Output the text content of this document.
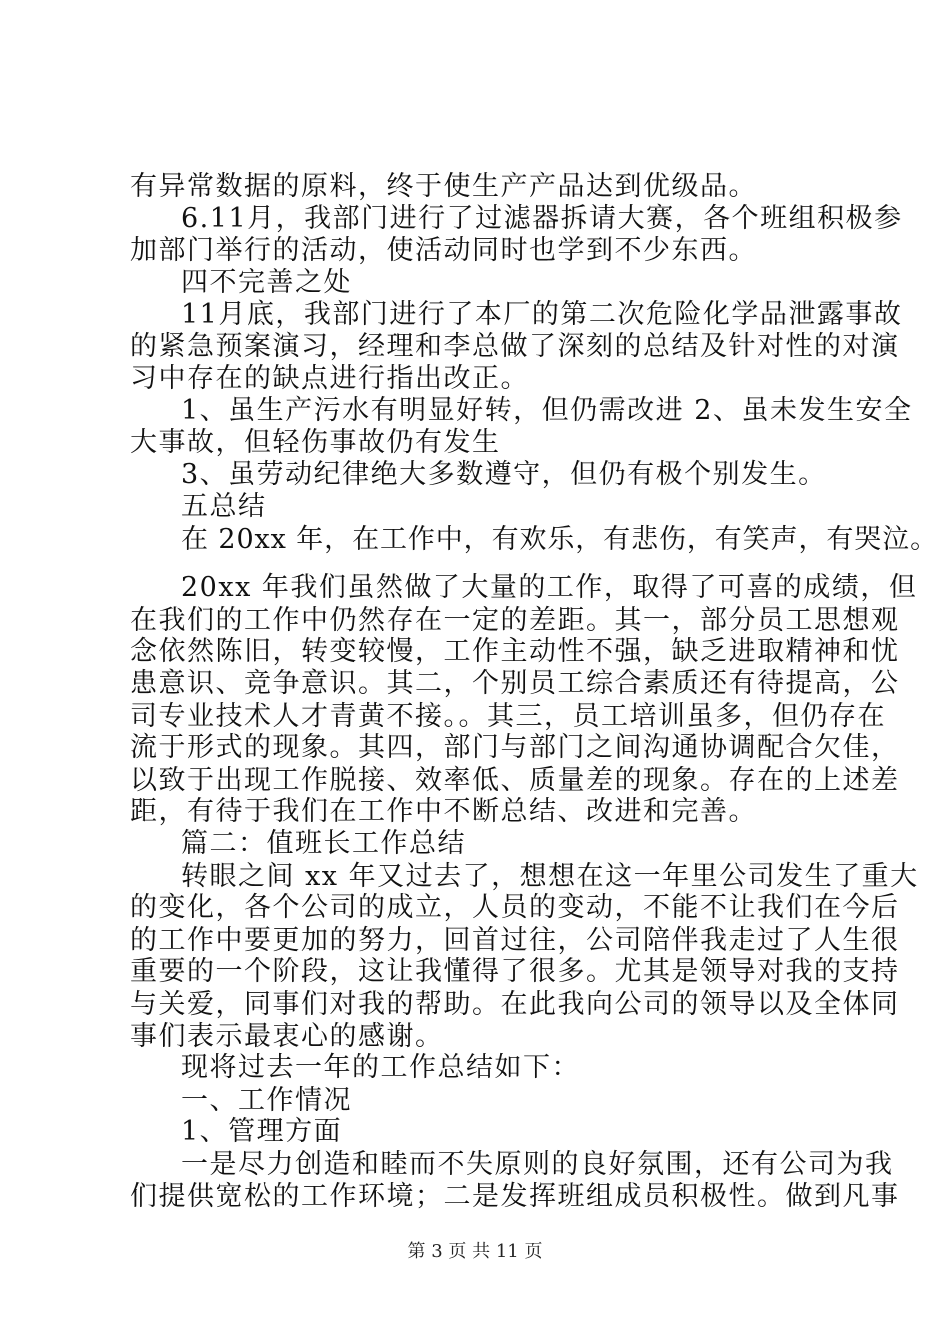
有异常数据的原料，终于使生产产品达到优级品。
6.11月，我部门进行了过滤器拆请大赛，各个班组积极参
加部门举行的活动，使活动同时也学到不少东西。
四不完善之处
11月底，我部门进行了本厂的第二次危险化学品泄露事故
的紧急预案演习，经理和李总做了深刻的总结及针对性的对演
习中存在的缺点进行指出改正。
1、虽生产污水有明显好转，但仍需改进 2、虽未发生安全
大事故，但轻伤事故仍有发生
3、虽劳动纪律绝大多数遵守，但仍有极个别发生。
五总结
在 20xx 年，在工作中，有欢乐，有悲伤，有笑声，有哭泣。
20xx 年我们虽然做了大量的工作，取得了可喜的成绩，但
在我们的工作中仍然存在一定的差距。其一，部分员工思想观
念依然陈旧，转变较慢，工作主动性不强，缺乏进取精神和忧
患意识、竞争意识。其二，个别员工综合素质还有待提高，公
司专业技术人才青黄不接。。其三，员工培训虽多，但仍存在
流于形式的现象。其四，部门与部门之间沟通协调配合欠佳，
以致于出现工作脱接、效率低、质量差的现象。存在的上述差
距，有待于我们在工作中不断总结、改进和完善。
篇二：值班长工作总结
转眼之间 xx 年又过去了，想想在这一年里公司发生了重大
的变化，各个公司的成立，人员的变动，不能不让我们在今后
的工作中要更加的努力，回首过往，公司陪伴我走过了人生很
重要的一个阶段，这让我懂得了很多。尤其是领导对我的支持
与关爱，同事们对我的帮助。在此我向公司的领导以及全体同
事们表示最衷心的感谢。
现将过去一年的工作总结如下：
一、工作情况
1、管理方面
一是尽力创造和睦而不失原则的良好氛围，还有公司为我
们提供宽松的工作环境；二是发挥班组成员积极性。做到凡事
第 3 页 共 11 页
